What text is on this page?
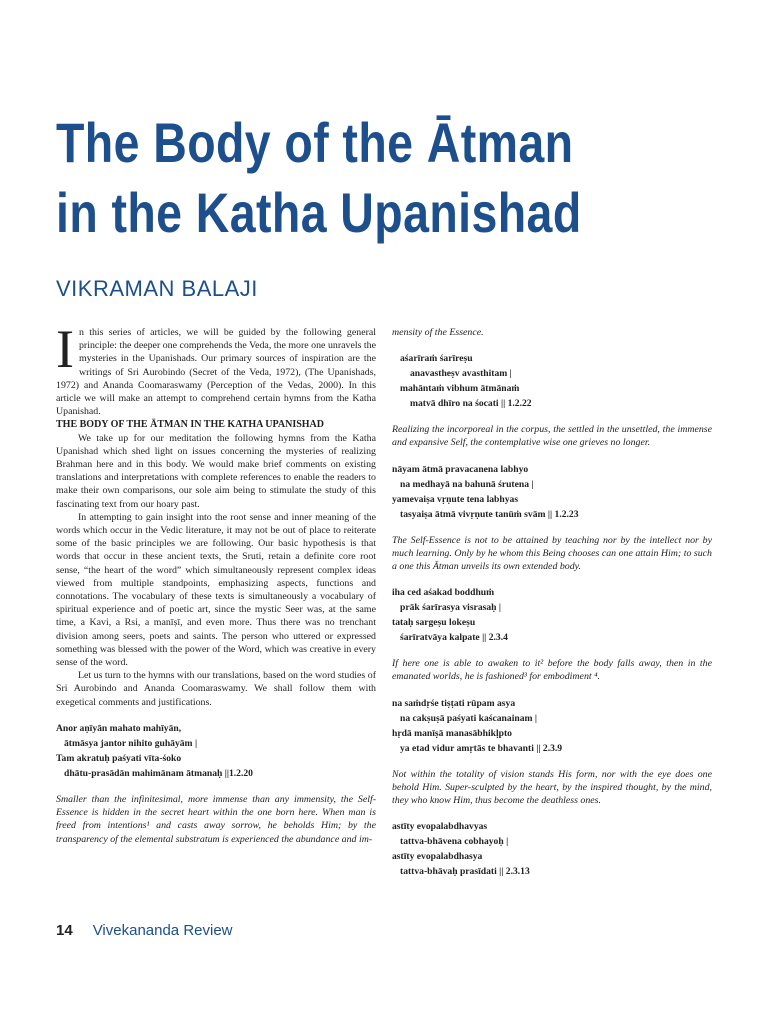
The Body of the Ātman
in the Katha Upanishad

VIKRAMAN BALAJI

In this series of articles, we will be guided by the following general principle: the deeper one comprehends the Veda, the more one unravels the mysteries in the Upanishads. Our primary sources of inspiration are the writings of Sri Aurobindo (Secret of the Veda, 1972), (The Upanishads, 1972) and Ananda Coomaraswamy (Perception of the Vedas, 2000). In this article we will make an attempt to comprehend certain hymns from the Katha Upanishad.

THE BODY OF THE ĀTMAN IN THE KATHA UPANISHAD

We take up for our meditation the following hymns from the Katha Upanishad which shed light on issues concerning the mysteries of realizing Brahman here and in this body. We would make brief comments on existing translations and interpretations with complete references to enable the readers to make their own comparisons, our sole aim being to stimulate the study of this fascinating text from our hoary past.

In attempting to gain insight into the root sense and inner meaning of the words which occur in the Vedic literature, it may not be out of place to reiterate some of the basic principles we are following. Our basic hypothesis is that words that occur in these ancient texts, the Sruti, retain a definite core root sense, “the heart of the word” which simultaneously represent complex ideas viewed from multiple standpoints, emphasizing aspects, functions and connotations. The vocabulary of these texts is simultaneously a vocabulary of spiritual experience and of poetic art, since the mystic Seer was, at the same time, a Kavi, a Rsi, a manīṣī, and even more. Thus there was no trenchant division among seers, poets and saints. The person who uttered or expressed something was blessed with the power of the Word, which was creative in every sense of the word.

Let us turn to the hymns with our translations, based on the word studies of Sri Aurobindo and Ananda Coomaraswamy. We shall follow them with exegetical comments and justifications.

Anor aṇīyān mahato mahīyān,
ātmāsya jantor nihito guhāyām |
Tam akratuḥ paśyati vīta-śoko
dhātu-prasādān mahimānam ātmanaḥ ||1.2.20

Smaller than the infinitesimal, more immense than any immensity, the Self-Essence is hidden in the secret heart within the one born here. When man is freed from intentions¹ and casts away sorrow, he beholds Him; by the transparency of the elemental substratum is experienced the abundance and im-

mensity of the Essence.

aśarīraṁ śarīreṣu
anavastheṣv avasthitam |
mahāntaṁ vibhum ātmānaṁ
matvā dhīro na śocati || 1.2.22

Realizing the incorporeal in the corpus, the settled in the unsettled, the immense and expansive Self, the contemplative wise one grieves no longer.

nāyam ātmā pravacanena labhyo
na medhayā na bahunā śrutena |
yamevaiṣa vṛṇute tena labhyas
tasyaiṣa ātmā vivṛṇute tanūṁ svām || 1.2.23

The Self-Essence is not to be attained by teaching nor by the intellect nor by much learning. Only by he whom this Being chooses can one attain Him; to such a one this Ātman unveils its own extended body.

iha ced aśakad boddhuṁ
prāk śarīrasya visrasaḥ |
tataḥ sargeṣu lokeṣu
śarīratvāya kalpate || 2.3.4

If here one is able to awaken to it² before the body falls away, then in the emanated worlds, he is fashioned³ for embodiment ⁴.

na saṁdṛśe tiṣṭati rūpam asya
na cakṣuṣā paśyati kaścanainam |
hṛdā manīṣā manasābhikḷpto
ya etad vidur amṛtās te bhavanti || 2.3.9

Not within the totality of vision stands His form, nor with the eye does one behold Him. Super-sculpted by the heart, by the inspired thought, by the mind, they who know Him, thus become the deathless ones.

astīty evopalabdhavyas
tattva-bhāvena cobhayoḥ |
astīty evopalabdhasya
tattva-bhāvaḥ prasīdati || 2.3.13
14 Vivekananda Review
